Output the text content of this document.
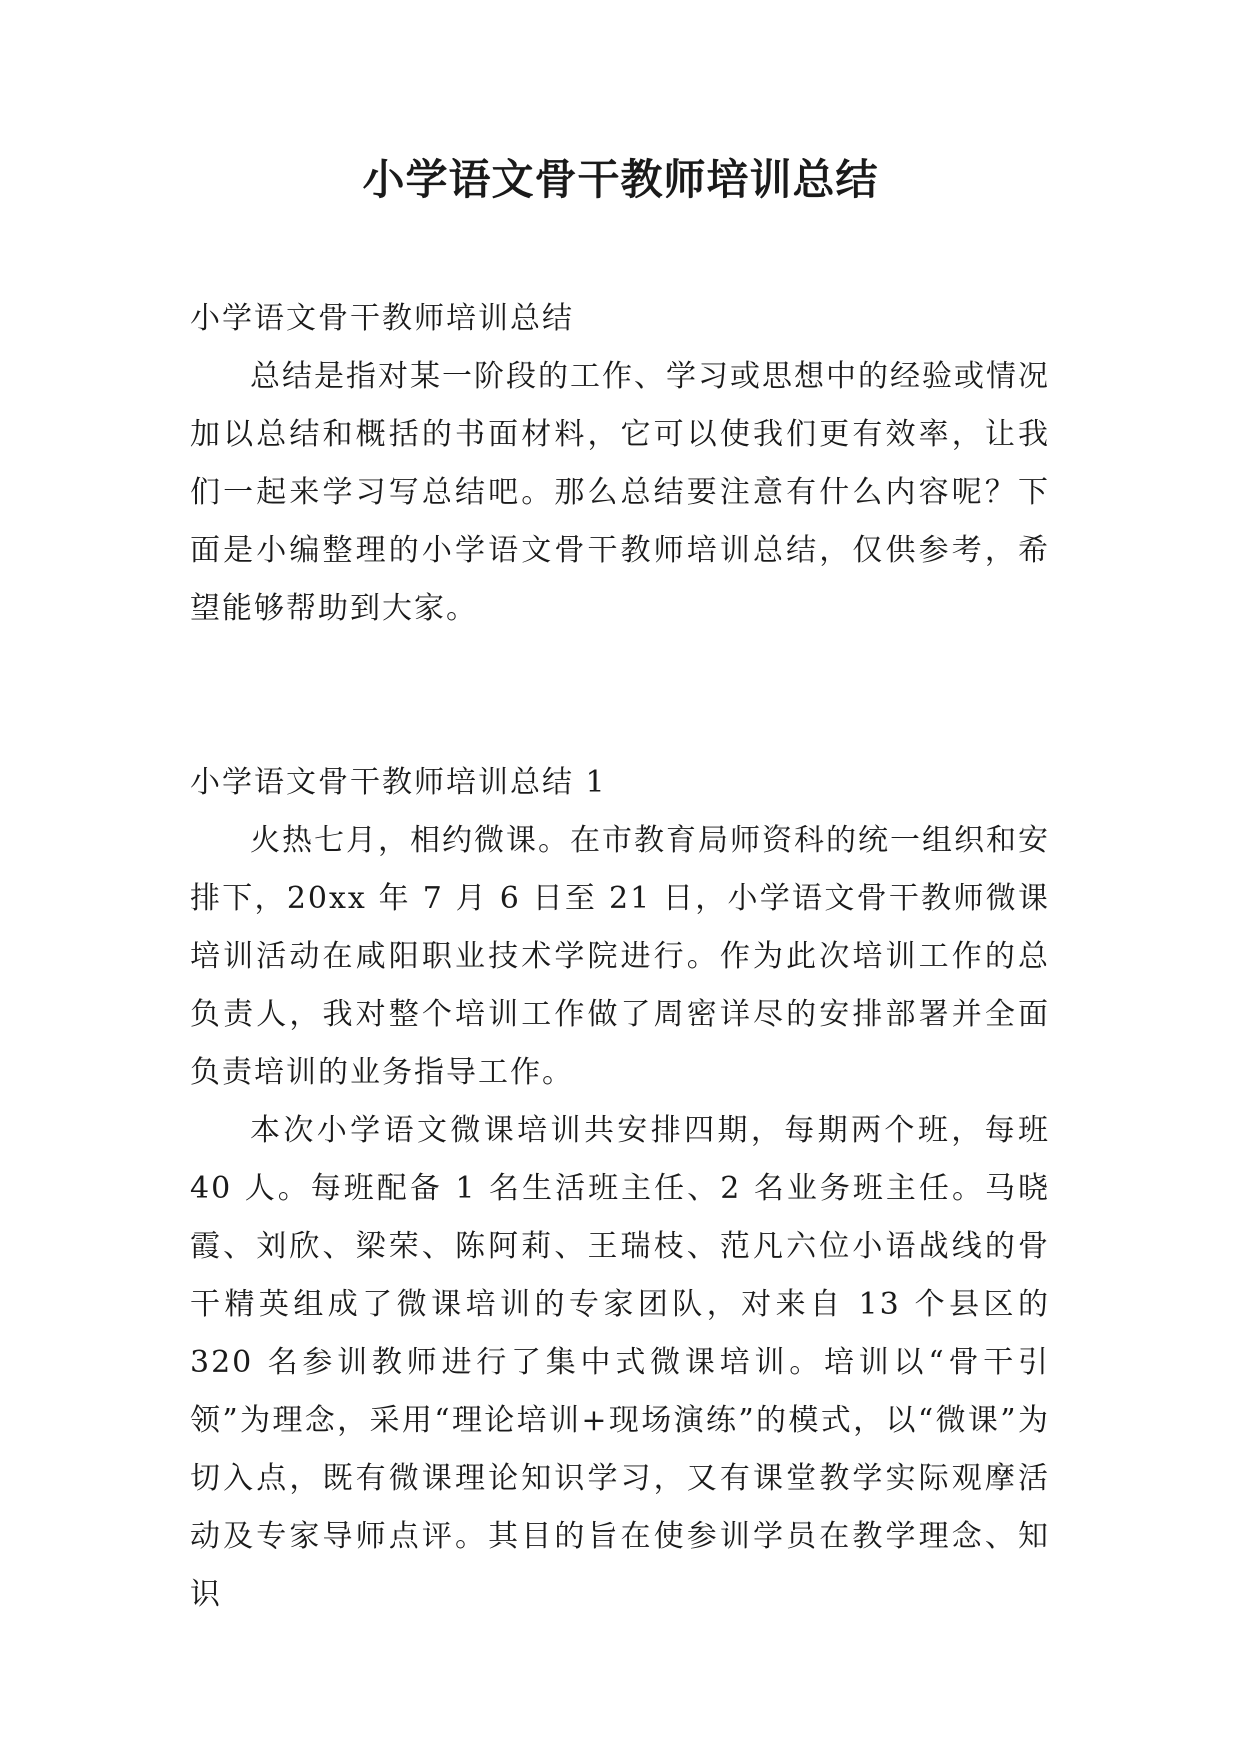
小学语文骨干教师培训总结

小学语文骨干教师培训总结

总结是指对某一阶段的工作、学习或思想中的经验或情况加以总结和概括的书面材料，它可以使我们更有效率，让我们一起来学习写总结吧。那么总结要注意有什么内容呢？下面是小编整理的小学语文骨干教师培训总结，仅供参考，希望能够帮助到大家。

小学语文骨干教师培训总结 1

火热七月，相约微课。在市教育局师资科的统一组织和安排下，20xx 年 7 月 6 日至 21 日，小学语文骨干教师微课培训活动在咸阳职业技术学院进行。作为此次培训工作的总负责人，我对整个培训工作做了周密详尽的安排部署并全面负责培训的业务指导工作。

本次小学语文微课培训共安排四期，每期两个班，每班 40 人。每班配备 1 名生活班主任、2 名业务班主任。马晓霞、刘欣、梁荣、陈阿莉、王瑞枝、范凡六位小语战线的骨干精英组成了微课培训的专家团队，对来自 13 个县区的 320 名参训教师进行了集中式微课培训。培训以“骨干引领”为理念，采用“理论培训+现场演练”的模式，以“微课”为切入点，既有微课理论知识学习，又有课堂教学实际观摩活动及专家导师点评。其目的旨在使参训学员在教学理念、知识
